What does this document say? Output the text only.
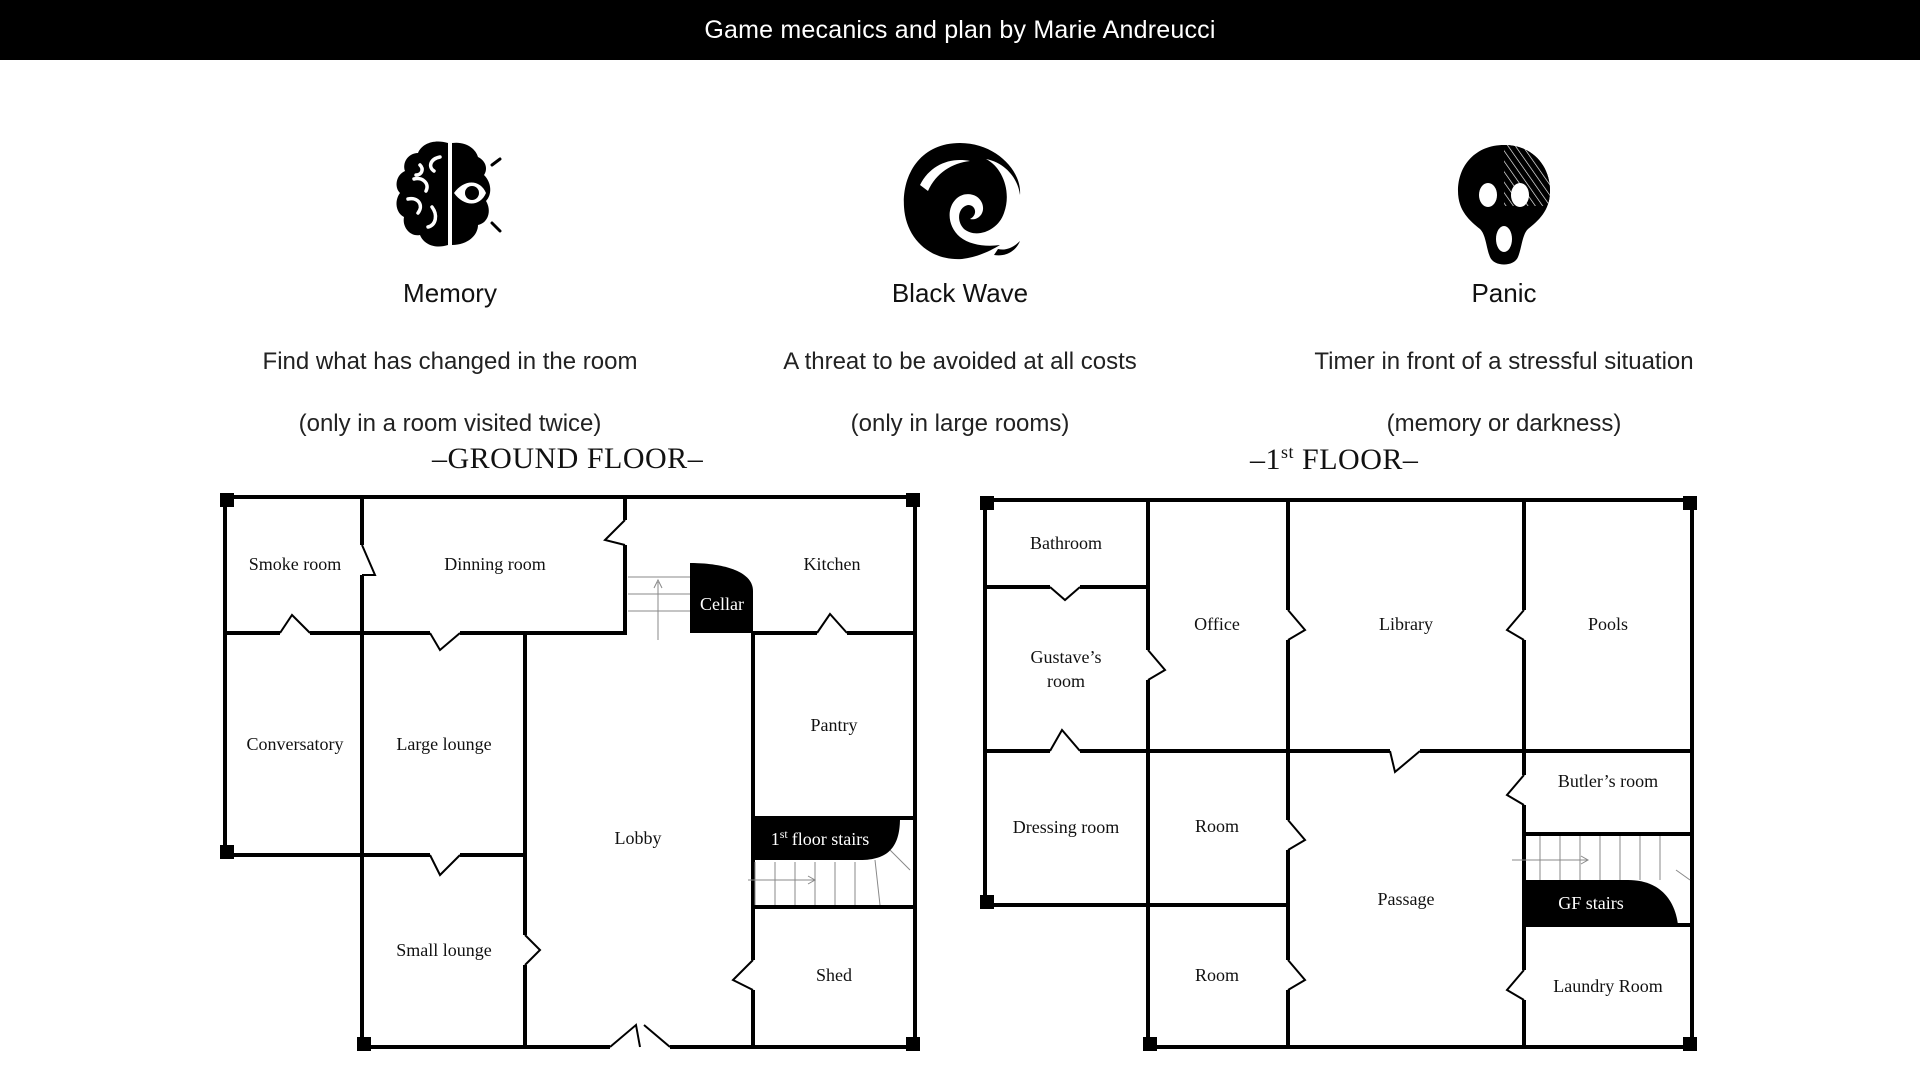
Game mecanics and plan by Marie Andreucci
Memory

Find what has changed in the room

(only in a room visited twice)

Black Wave

A threat to be avoided at all costs

(only in large rooms)

Panic

Timer in front of a stressful situation

(memory or darkness)

–GROUND FLOOR–	–1st FLOOR–
Smoke room	Dinning room
Cellar
Kitchen
Conversatory	Large lounge
Pantry
Lobby	1st floor stairs
Small lounge
Shed
Bathroom
Office	Library	Pools
Gustave’s
room
Butler’s room
Dressing room	Room
Passage	GF stairs
Room
Laundry Room
